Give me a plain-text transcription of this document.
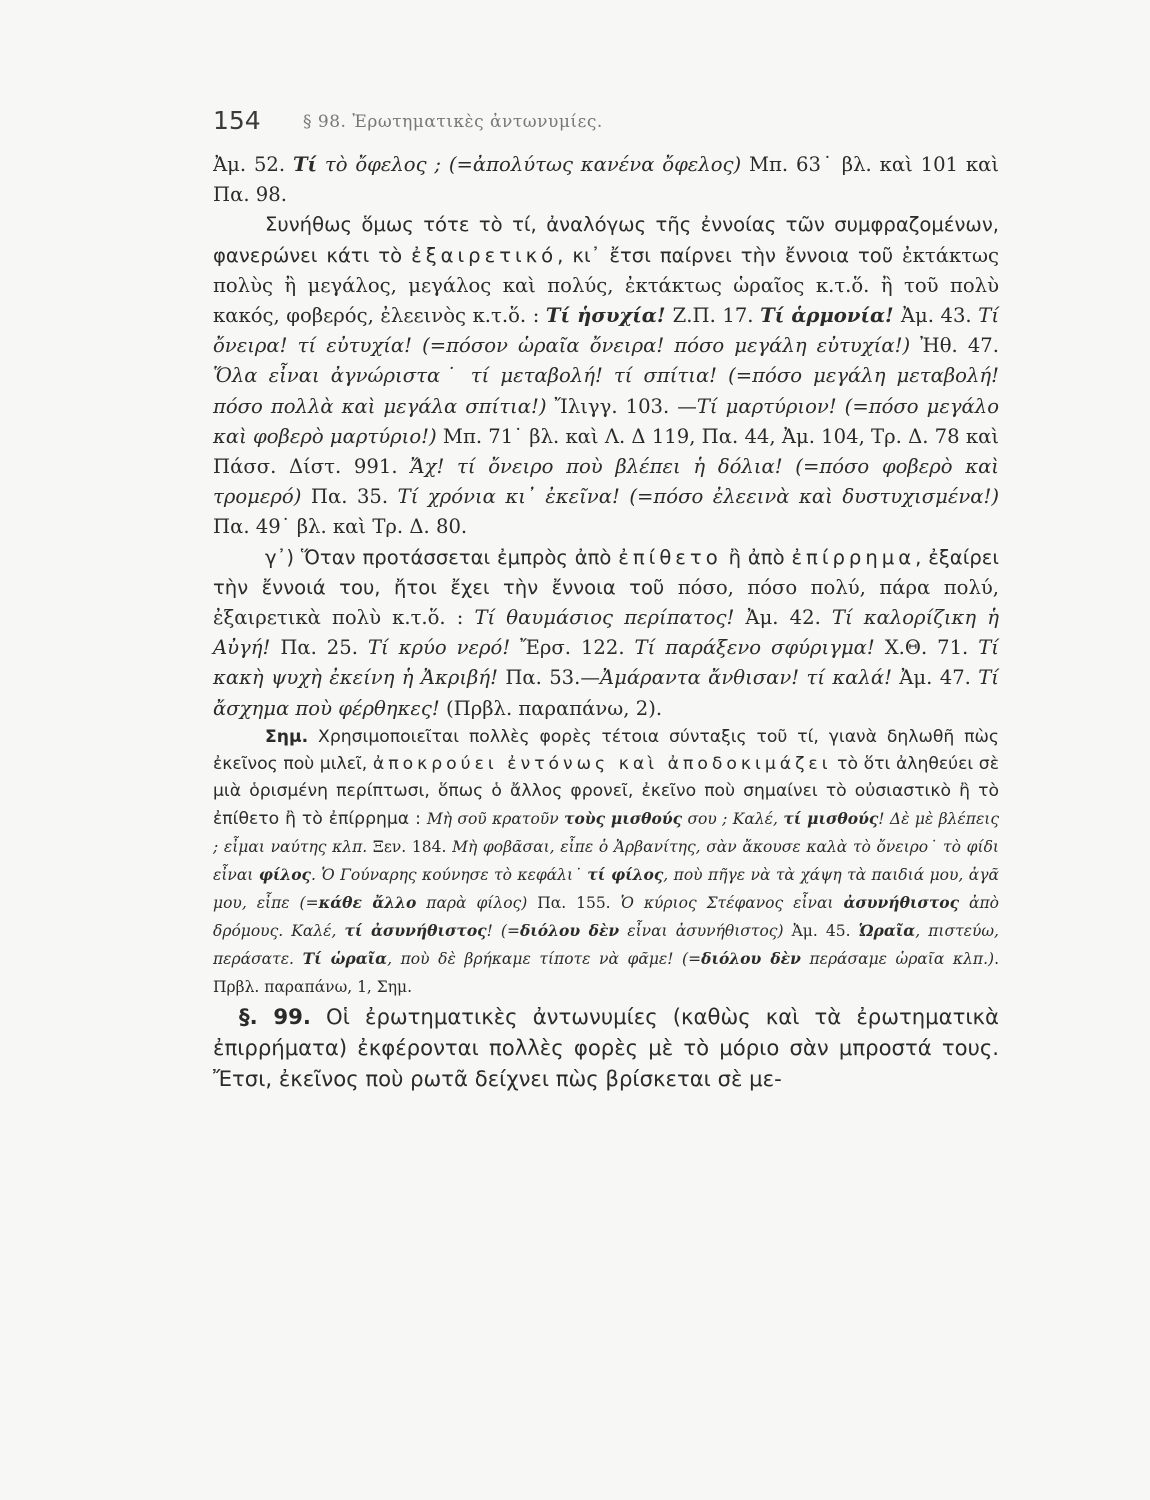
154 § 98. Ἐρωτηματικὲς ἀντωνυμίες.

Ἀμ. 52. Τί τὸ ὄφελος ; (=ἀπολύτως κανένα ὄφελος) Μπ. 63˙ βλ. καὶ 101 καὶ Πα. 98.

Συνήθως ὅμως τότε τὸ τί, ἀναλόγως τῆς ἐννοίας τῶν συμφραζομένων, φανερώνει κάτι τὸ ἐξαιρετικό, κι᾽ ἔτσι παίρνει τὴν ἔννοια τοῦ ἐκτάκτως πολὺς ἢ μεγάλος, μεγάλος καὶ πολύς, ἐκτάκτως ὡραῖος κ.τ.ὅ. ἢ τοῦ πολὺ κακός, φοβερός, ἐλεεινὸς κ.τ.ὅ. : Τί ἡσυχία! Ζ.Π. 17. Τί ἁρμονία! Ἀμ. 43. Τί ὄνειρα! τί εὐτυχία! (=πόσον ὡραῖα ὄνειρα! πόσο μεγάλη εὐτυχία!) Ἠθ. 47. Ὅλα εἶναι ἀγνώριστα˙ τί μεταβολή! τί σπίτια! (=πόσο μεγάλη μεταβολή! πόσο πολλὰ καὶ μεγάλα σπίτια!) Ἴλιγγ. 103. —Τί μαρτύριον! (=πόσο μεγάλο καὶ φοβερὸ μαρτύριο!) Μπ. 71˙ βλ. καὶ Λ. Δ 119, Πα. 44, Ἀμ. 104, Τρ. Δ. 78 καὶ Πάσσ. Δίστ. 991. Ἄχ! τί ὄνειρο ποὺ βλέπει ἡ δόλια! (=πόσο φοβερὸ καὶ τρομερό) Πα. 35. Τί χρόνια κι᾽ ἐκεῖνα! (=πόσο ἐλεεινὰ καὶ δυστυχισμένα!) Πα. 49˙ βλ. καὶ Τρ. Δ. 80.

γ᾽) Ὅταν προτάσσεται ἐμπρὸς ἀπὸ ἐπίθετο ἢ ἀπὸ ἐπίρρημα, ἐξαίρει τὴν ἔννοιά του, ἤτοι ἔχει τὴν ἔννοια τοῦ πόσο, πόσο πολύ, πάρα πολύ, ἐξαιρετικὰ πολὺ κ.τ.ὅ. : Τί θαυμάσιος περίπατος! Ἀμ. 42. Τί καλορίζικη ἡ Αὐγή! Πα. 25. Τί κρύο νερό! Ἔρσ. 122. Τί παράξενο σφύριγμα! Χ.Θ. 71. Τί κακὴ ψυχὴ ἐκείνη ἡ Ἀκριβή! Πα. 53.—Ἀμάραντα ἄνθισαν! τί καλά! Ἀμ. 47. Τί ἄσχημα ποὺ φέρθηκες! (Πρβλ. παραπάνω, 2).

Σημ. Χρησιμοποιεῖται πολλὲς φορὲς τέτοια σύνταξις τοῦ τί, γιανὰ δηλωθῆ πὼς ἐκεῖνος ποὺ μιλεῖ, ἀποκρούει ἐντόνως καὶ ἀποδοκιμάζει τὸ ὅτι ἀληθεύει σὲ μιὰ ὁρισμένη περίπτωσι, ὅπως ὁ ἄλλος φρονεῖ, ἐκεῖνο ποὺ σημαίνει τὸ οὐσιαστικὸ ἢ τὸ ἐπίθετο ἢ τὸ ἐπίρρημα : Μὴ σοῦ κρατοῦν τοὺς μισθούς σου ; Καλέ, τί μισθούς! Δὲ μὲ βλέπεις ; εἶμαι ναύτης κλπ. Ξεν. 184. Μὴ φοβᾶσαι, εἶπε ὁ Ἀρβανίτης, σὰν ἄκουσε καλὰ τὸ ὄνειρο˙ τὸ φίδι εἶναι φίλος. Ὁ Γούναρης κούνησε τὸ κεφάλι˙ τί φίλος, ποὺ πῆγε νὰ τὰ χάψη τὰ παιδιά μου, ἀγᾶ μου, εἶπε (=κάθε ἄλλο παρὰ φίλος) Πα. 155. Ὁ κύριος Στέφανος εἶναι ἀσυνήθιστος ἀπὸ δρόμους. Καλέ, τί ἀσυνήθιστος! (=διόλου δὲν εἶναι ἀσυνήθιστος) Ἀμ. 45. Ὡραῖα, πιστεύω, περάσατε. Τί ὡραῖα, ποὺ δὲ βρήκαμε τίποτε νὰ φᾶμε! (=διόλου δὲν περάσαμε ὡραῖα κλπ.). Πρβλ. παραπάνω, 1, Σημ.

§. 99. Οἱ ἐρωτηματικὲς ἀντωνυμίες (καθὼς καὶ τὰ ἐρωτηματικὰ ἐπιρρήματα) ἐκφέρονται πολλὲς φορὲς μὲ τὸ μόριο σὰν μπροστά τους. Ἔτσι, ἐκεῖνος ποὺ ρωτᾶ δείχνει πὼς βρίσκεται σὲ με-
